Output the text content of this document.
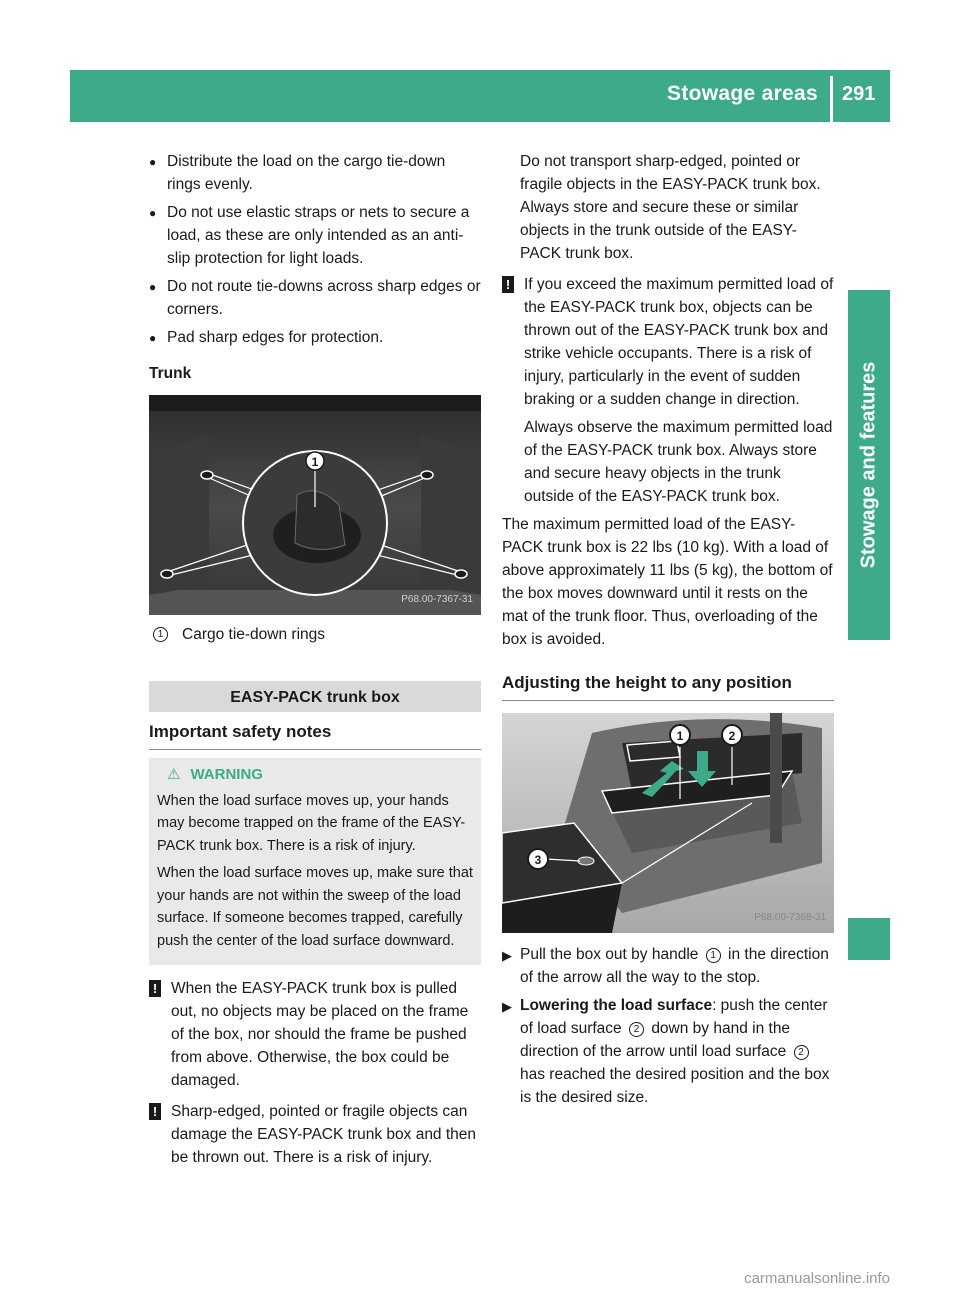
Stowage areas 291
Stowage and features
● Distribute the load on the cargo tie-down rings evenly.
● Do not use elastic straps or nets to secure a load, as these are only intended as an anti-slip protection for light loads.
● Do not route tie-downs across sharp edges or corners.
● Pad sharp edges for protection.
Trunk
1
P68.00-7367-31
1	Cargo tie-down rings
EASY-PACK trunk box
Important safety notes
⚠ WARNING

When the load surface moves up, your hands may become trapped on the frame of the EASY-PACK trunk box. There is a risk of injury.

When the load surface moves up, make sure that your hands are not within the sweep of the load surface. If someone becomes trapped, carefully push the center of the load surface downward.

! When the EASY-PACK trunk box is pulled out, no objects may be placed on the frame of the box, nor should the frame be pushed from above. Otherwise, the box could be damaged.
! Sharp-edged, pointed or fragile objects can damage the EASY-PACK trunk box and then be thrown out. There is a risk of injury.
Do not transport sharp-edged, pointed or fragile objects in the EASY-PACK trunk box. Always store and secure these or similar objects in the trunk outside of the EASY-PACK trunk box.
! If you exceed the maximum permitted load of the EASY-PACK trunk box, objects can be thrown out of the EASY-PACK trunk box and strike vehicle occupants. There is a risk of injury, particularly in the event of sudden braking or a sudden change in direction.
Always observe the maximum permitted load of the EASY-PACK trunk box. Always store and secure heavy objects in the trunk outside of the EASY-PACK trunk box.

The maximum permitted load of the EASY-PACK trunk box is 22 lbs (10 kg). With a load of above approximately 11 lbs (5 kg), the bottom of the box moves downward until it rests on the mat of the trunk floor. Thus, overloading of the box is avoided.

Adjusting the height to any position
1	2
3
P68.00-7368-31
▶ Pull the box out by handle 1 in the direction of the arrow all the way to the stop.
▶ Lowering the load surface: push the center of load surface 2 down by hand in the direction of the arrow until load surface 2 has reached the desired position and the box is the desired size.
carmanualsonline.info
